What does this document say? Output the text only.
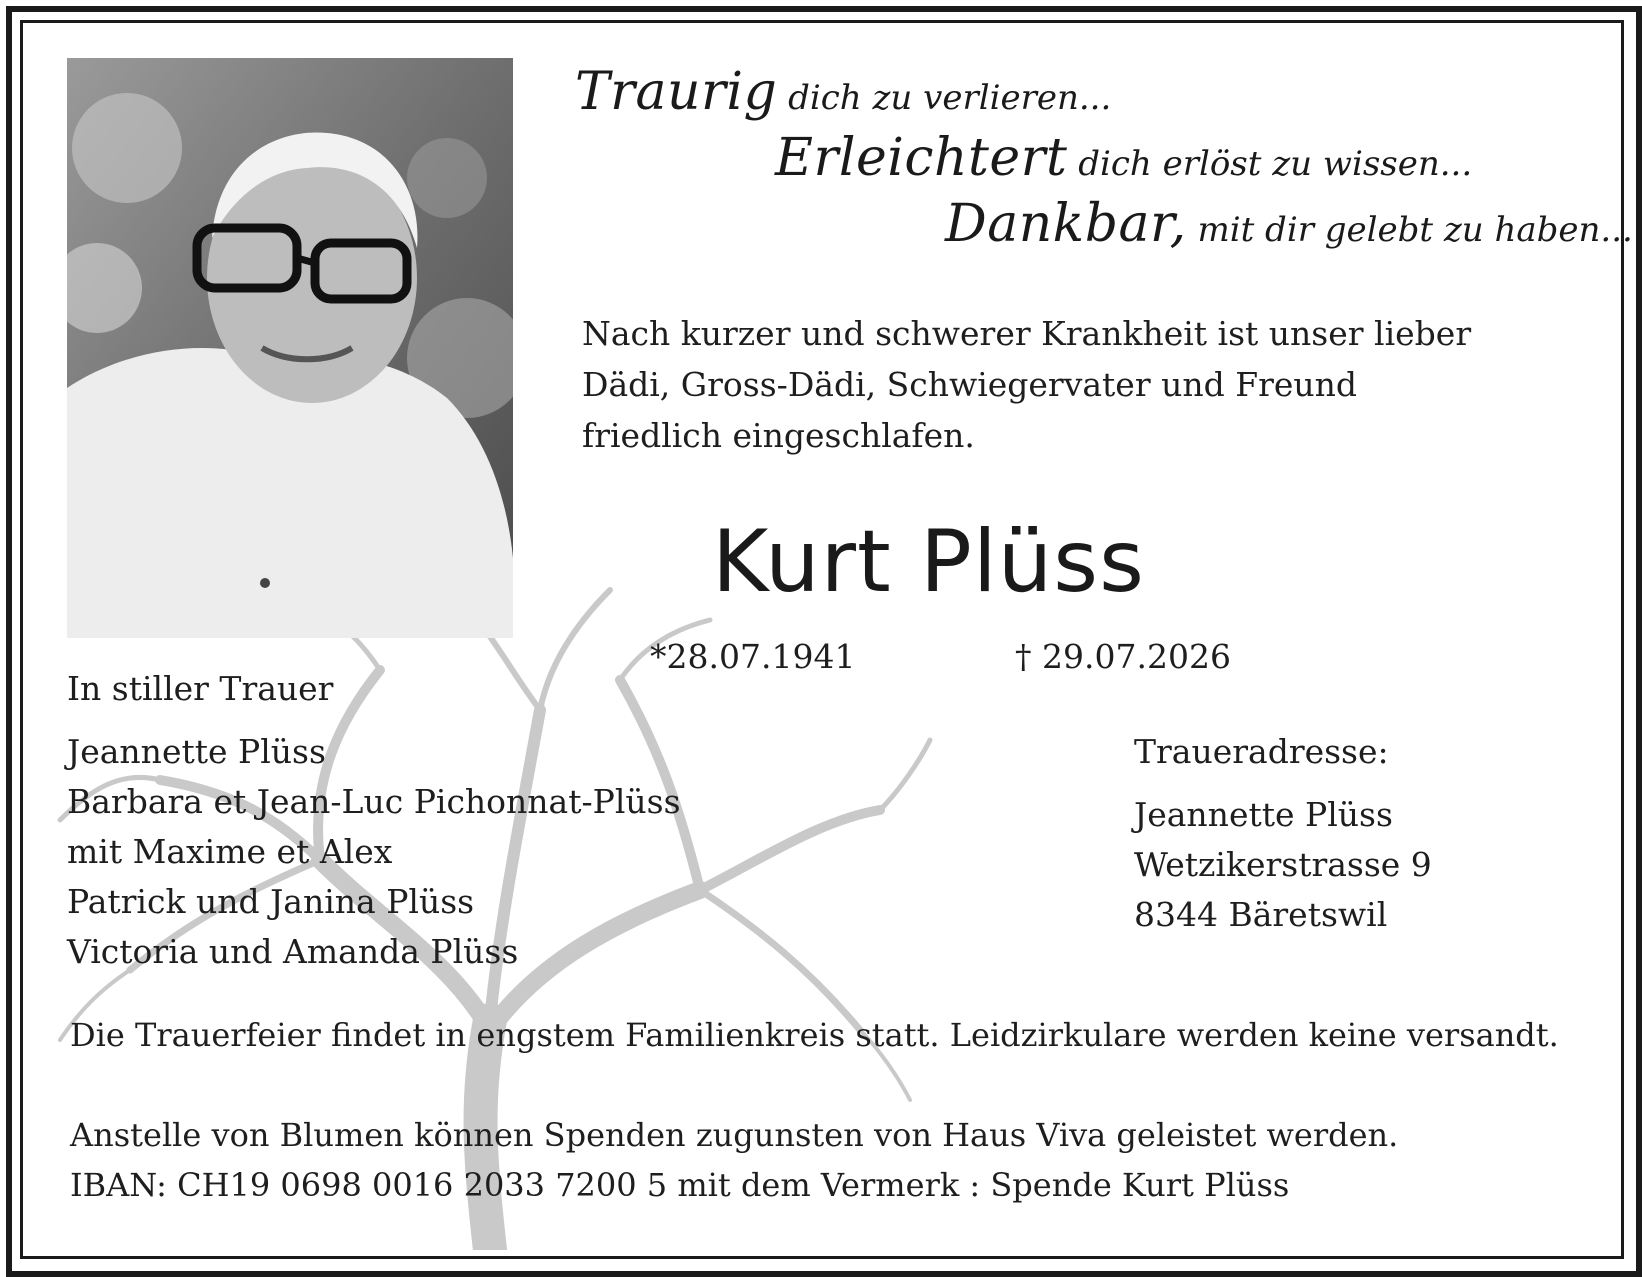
Traurig dich zu verlieren...
Erleichtert dich erlöst zu wissen...
Dankbar, mit dir gelebt zu haben...
Nach kurzer und schwerer Krankheit ist unser lieber
Dädi, Gross-Dädi, Schwiegervater und Freund
friedlich eingeschlafen.
Kurt Plüss
*28.07.1941	† 29.07.2026
In stiller Trauer
Jeannette Plüss
Barbara et Jean-Luc Pichonnat-Plüss
mit Maxime et Alex
Patrick und Janina Plüss
Victoria und Amanda Plüss
Traueradresse:
Jeannette Plüss
Wetzikerstrasse 9
8344 Bäretswil
Die Trauerfeier findet in engstem Familienkreis statt. Leidzirkulare werden keine versandt.
Anstelle von Blumen können Spenden zugunsten von Haus Viva geleistet werden.
IBAN: CH19 0698 0016 2033 7200 5 mit dem Vermerk : Spende Kurt Plüss
